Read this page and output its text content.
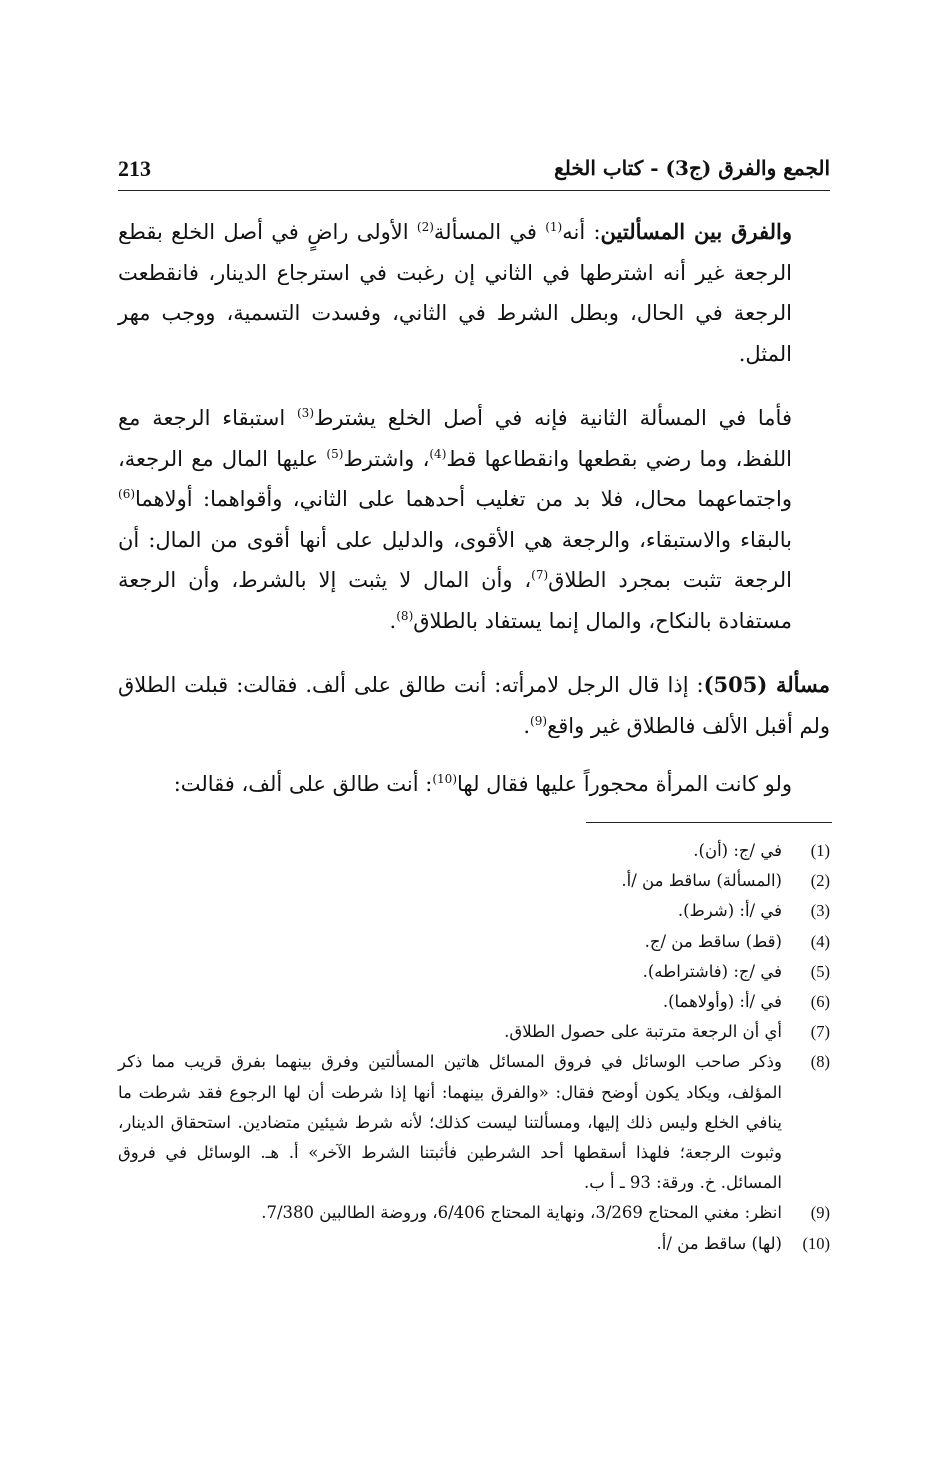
213	الجمع والفرق (ج3) - كتاب الخلع

والفرق بين المسألتين: أنه$^{(1)}$ في المسألة$^{(2)}$ الأولى راضٍ في أصل الخلع بقطع الرجعة غير أنه اشترطها في الثاني إن رغبت في استرجاع الدينار، فانقطعت الرجعة في الحال، وبطل الشرط في الثاني، وفسدت التسمية، ووجب مهر المثل.

فأما في المسألة الثانية فإنه في أصل الخلع يشترط$^{(3)}$ استبقاء الرجعة مع اللفظ، وما رضي بقطعها وانقطاعها قط$^{(4)}$، واشترط$^{(5)}$ عليها المال مع الرجعة، واجتماعهما محال، فلا بد من تغليب أحدهما على الثاني، وأقواهما: أولاهما$^{(6)}$ بالبقاء والاستبقاء، والرجعة هي الأقوى، والدليل على أنها أقوى من المال: أن الرجعة تثبت بمجرد الطلاق$^{(7)}$، وأن المال لا يثبت إلا بالشرط، وأن الرجعة مستفادة بالنكاح، والمال إنما يستفاد بالطلاق$^{(8)}$.

مسألة (505): إذا قال الرجل لامرأته: أنت طالق على ألف. فقالت: قبلت الطلاق ولم أقبل الألف فالطلاق غير واقع$^{(9)}$.

ولو كانت المرأة محجوراً عليها فقال لها$^{(10)}$: أنت طالق على ألف، فقالت:

( 1 )
في /ج: (أن).
( 2 )
(المسألة) ساقط من /أ.
( 3 )
في /أ: (شرط).
( 4 )
(قط) ساقط من /ج.
( 5 )
في /ج: (فاشتراطه).
( 6 )
في /أ: (وأولاهما).
( 7 )
أي أن الرجعة مترتبة على حصول الطلاق.
( 8 )
وذكر صاحب الوسائل في فروق المسائل هاتين المسألتين وفرق بينهما بفرق قريب مما ذكر المؤلف، ويكاد يكون أوضح فقال: «والفرق بينهما: أنها إذا شرطت أن لها الرجوع فقد شرطت ما ينافي الخلع وليس ذلك إليها، ومسألتنا ليست كذلك؛ لأنه شرط شيئين متضادين. استحقاق الدينار، وثبوت الرجعة؛ فلهذا أسقطها أحد الشرطين فأثبتنا الشرط الآخر» أ. هـ. الوسائل في فروق المسائل. خ. ورقة: 93 ـ أ ب.
( 9 )
انظر: مغني المحتاج 3/269، ونهاية المحتاج 6/406، وروضة الطالبين 7/380.
( 10 )
(لها) ساقط من /أ.
